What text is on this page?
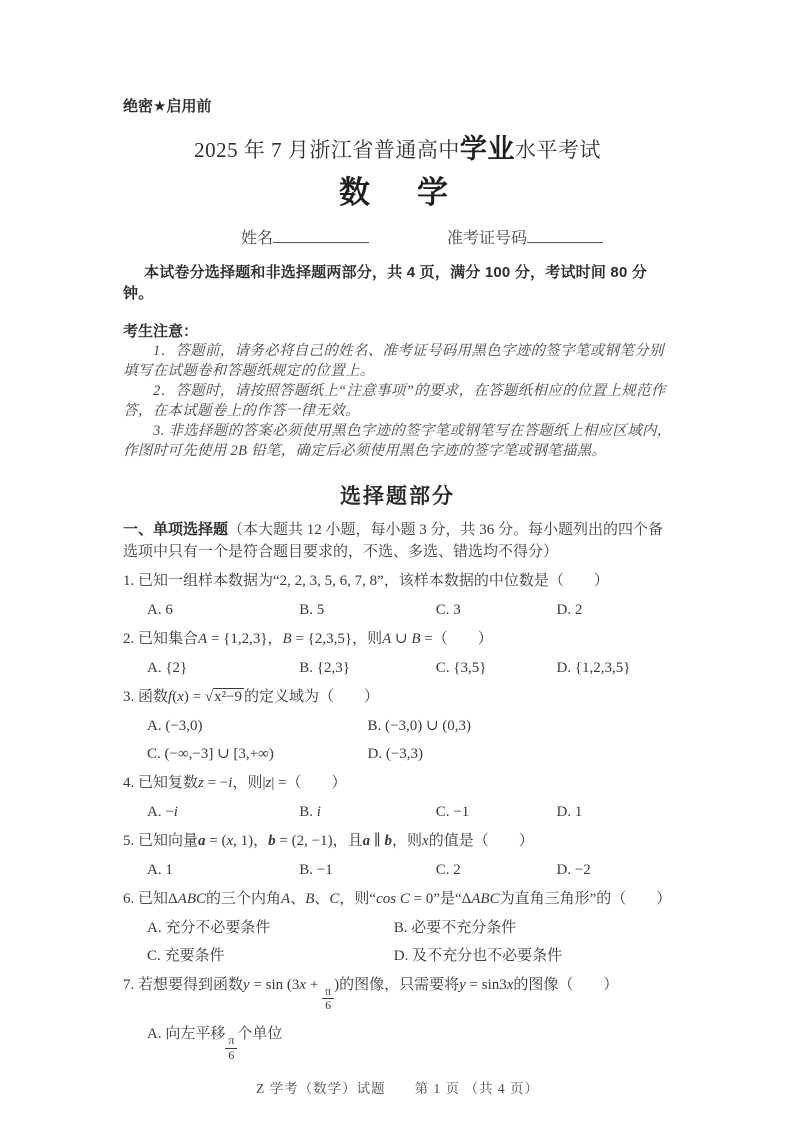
绝密★启用前
2025 年 7 月浙江省普通高中学业水平考试
数　学
姓名	准考证号码
本试卷分选择题和非选择题两部分，共 4 页，满分 100 分，考试时间 80 分钟。
考生注意：

1．答题前，请务必将自己的姓名、准考证号码用黑色字迹的签字笔或钢笔分别填写在试题卷和答题纸规定的位置上。

2．答题时，请按照答题纸上“注意事项”的要求，在答题纸相应的位置上规范作答，在本试题卷上的作答一律无效。

3. 非选择题的答案必须使用黑色字迹的签字笔或钢笔写在答题纸上相应区域内，作图时可先使用 2B 铅笔，确定后必须使用黑色字迹的签字笔或钢笔描黑。

选择题部分

一、单项选择题（本大题共 12 小题，每小题 3 分，共 36 分。每小题列出的四个备选项中只有一个是符合题目要求的，不选、多选、错选均不得分）

1. 已知一组样本数据为“2, 2, 3, 5, 6, 7, 8”，该样本数据的中位数是（　　）
A. 6	B. 5	C. 3	D. 2
2. 已知集合A = {1,2,3}，B = {2,3,5}，则A ∪ B =（　　）
A. {2}	B. {2,3}	C. {3,5}	D. {1,2,3,5}
3. 函数f(x) = √x²−9 的定义域为（　　）
A. (−3,0)	B. (−3,0) ∪ (0,3)
C. (−∞,−3] ∪ [3,+∞)	D. (−3,3)
4. 已知复数z = −i，则|z| =（　　）
A. −i	B. i	C. −1	D. 1
5. 已知向量a = (x, 1)，b = (2, −1)，且a ∥ b，则x的值是（　　）
A. 1	B. −1	C. 2	D. −2
6. 已知ΔABC的三个内角A、B、C，则“cos C = 0”是“ΔABC为直角三角形”的（　　）
A. 充分不必要条件	B. 必要不充分条件
C. 充要条件	D. 及不充分也不必要条件
7. 若想要得到函数$y = \sin (3x + \frac{\pi}{6}$ )的图像，只需要将y = sin3x的图像（　　）
A. 向左平移 $\frac{\pi}{6}$ 个单位
Z 学考（数学）试题　　第 1 页 （共 4 页）
